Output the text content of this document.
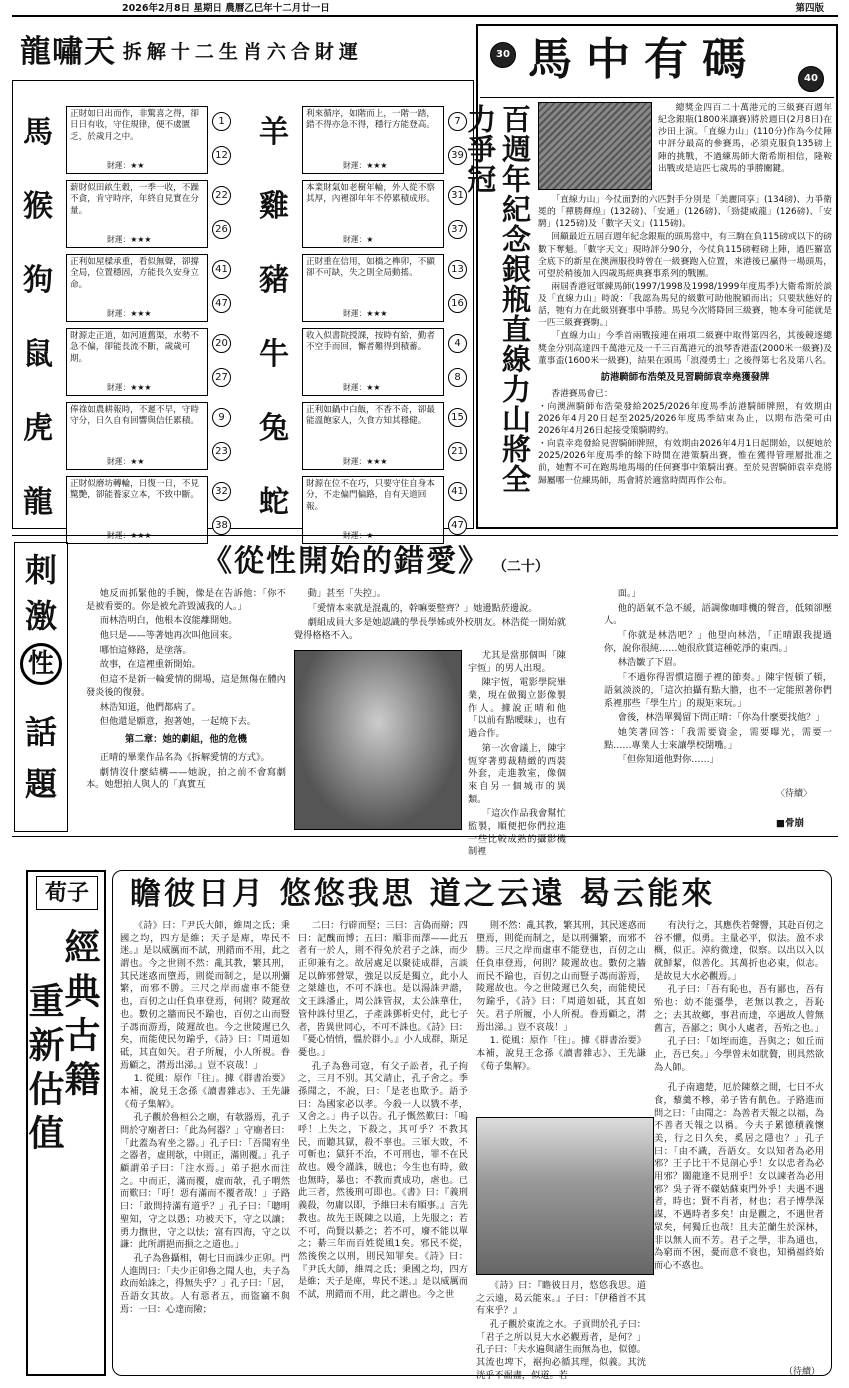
2026年2月8日 星期日 農曆乙巳年十二月廿一日	第四版
龍嘯天 拆解十二生肖六合財運
馬
正財如日出而作，非驚喜之得，卻日日有收，守住規律，便不虞匱乏，於歲月之中。
財運：★★
1
12
猴
薪財似田畝生穀，一季一收，不躁不貪，肯守時序，年終自見實在分量。
財運：★★★
22
26
狗
正利如屋樑承重，看似無聲，卻撐全局，位置穩固，方能長久安身立命。
財運：★★★
41
47
鼠
財源走正道，如河道舊渠，水勢不急不偏，卻能長流不斷，歲歲可期。
財運：★★★
20
27
虎
俸祿如農耕報時，不遲不早，守時守分，日久自有回響與信任累積。
財運：★★
9
23
龍
正財似磨坊轉輪，日復一日，不見驚艷，卻能養家立本，不致中斷。
財運：★★★
32
38
羊
利來循序，如階而上，一階一踏，錯不得亦急不得，穩行方能登高。
財運：★★★
7
39
雞
本業財氣如老樹年輪，外人從不察其厚，內裡卻年年不停累積成形。
財運：★
31
37
豬
正財重在信用，如橋之榫卯，不顯卻不可缺，失之則全局動搖。
財運：★★★
13
16
牛
收入似書院授課，按時有給，勤者不空手而回，懈者難得到積蓄。
財運：★★
4
8
兔
正利如鍋中白飯，不香不奇，卻最能溫飽家人，久食方知其穩健。
財運：★★★
15
21
蛇
財源在位不在巧，只要守住自身本分，不走偏門偏路，自有天道回報。
財運：★
41
47
30 馬中有碼	40
百週年紀念銀瓶直線力山將全力爭冠	總獎金四百二十萬港元的三級賽百週年紀念銀瓶(1800米讓賽)將於週日(2月8日)在沙田上演。「直線力山」(110分)作為今仗陣中評分最高的參賽馬，必須克服負135磅上陣的挑戰，不過練馬師大衛希斯相信，隆鞍出戰或是這匹七歲馬的爭勝關鍵。

「直線力山」今仗面對的六匹對手分別是「美麗同享」(134磅)、力爭衛冕的「禪勝輝煌」(132磅)、「安通」(126磅)、「勁捷威龍」(126磅)、「安騁」(125磅)及「數字天文」(115磅)。

回顧最近五屆百週年紀念銀瓶的頭馬當中，有三駒在負115磅或以下的磅數下奪魁。「數字天文」現時評分90分，今仗負115磅輕磅上陣，過匹羅富全底下的新星在澳洲服役時曾在一級賽跑入位置，來港後已贏得一場頭馬，可望於稍後加入四歲馬經典賽事系列的戰團。

兩屆香港冠軍練馬師(1997/1998及1998/1999年度馬季)大衛希斯於談及「直線力山」時說：「我認為馬兒的級數可助他脫穎而出；只要狀態好的話，牠有力在此級別賽事中爭勝。馬兒今次將降回三級賽，牠本身可能就是一匹三級賽賽駒。」

「直線力山」今季首兩戰接連在兩項二級賽中取得第四名，其後競逐總獎金分別高達四千萬港元及一千三百萬港元的浪琴香港盃(2000米一級賽)及董事盃(1600米一級賽)，結果在頭馬「浪漫勇士」之後得第七名及第八名。

訪港騎師布浩榮及見習騎師袁幸堯獲發牌

香港賽馬會已：

・向澳洲騎師布浩榮發給2025/2026年度馬季訪港騎師牌照，有效期由2026年4月20日起至2025/2026年度馬季結束為止，以期布浩榮可由2026年4月26日起接受策騎聘約。

・向袁幸堯發給見習騎師牌照，有效期由2026年4月1日起開始，以便她於2025/2026年度馬季的餘下時間在港策騎出賽，惟在獲得管理層批准之前，她暫不可在跑馬地馬場的任何賽事中策騎出賽。至於見習騎師袁幸堯將歸屬哪一位練馬師，馬會將於適當時間再作公布。

刺
激
性
話
題
《從性開始的錯愛》 （二十）

她反而抓緊他的手腕，像是在告訴他：「你不是被看要的。你是被允許毀滅我的人。」

而林浩明白，他根本沒能離開她。

他只是——等著她再次叫他回來。

哪怕這條路，是塗落。

故事，在這裡重新開始。

但這不是新一輪愛情的開場，這是無傷在體內發炎後的復發。

林浩知道，他們都病了。

但他還是願意，抱著她，一起燒下去。

第二章：她的劇組，他的危機

正晴的畢業作品名為《拆解愛情的方式》。

劇情沒什麼結構——她說，拍之前不會寫劇本。她想拍人與人的「真實互

動」甚至「失控」。

「愛情本來就是混亂的，幹嘛要整齊？」她邊點菸邊說。

劇組成員大多是她認識的學長學姊或外校朋友。林浩從一開始就覺得格格不入。

尤其是當那個叫「陳宇恆」的男人出現。

陳宇恆，電影學院畢業，現在做獨立影像製作人。據說正晴和他「以前有點曖昧」，也有過合作。

第一次會議上，陳宇恆穿著剪裁精緻的西裝外套，走進教室，像個來自另一個城市的異類。

「這次作品我會幫忙監製，順便把你們拉進一些比較成熟的攝影機制裡

面。」

他的語氣不急不緩，語調像咖啡機的聲音，低頻卻壓人。

「你就是林浩吧？」他望向林浩，「正晴跟我提過你，說你很純……她很欣賞這種乾淨的東西。」

林浩皺了下眉。

「不過你得習慣這圈子裡的節奏。」陳宇恆頓了頓，語氣淡淡的，「這次拍攝有點大膽，也不一定能照著你們系裡那些「學生片」的規矩來玩。」

會後，林浩單獨留下問正晴：「你為什麼要找他？」

她笑著回答：「我需要資金，需要曝光，需要一點……專業人士來讓學校閉嘴。」

「但你知道他對你……」

〈待續〉
■骨崩
荀子
經典古籍
重新估值
瞻彼日月 悠悠我思 道之云遠 曷云能來

《詩》曰：『尹氏大師，維周之氐；秉國之均，四方是維；天子是庳，卑民不迷。』是以威厲而不試，刑錯而不用，此之謂也。今之世則不然：亂其教，繁其刑，其民迷惑而墮焉，則從而制之，是以刑彌繁，而邪不勝。三尺之岸而虛車不能登也，百仞之山任負車登焉，何則？陵遲故也。數仞之牆而民不踰也，百仞之山而豎子馮而游焉，陵遲故也。今之世陵遲已久矣，而能使民勿踰乎，《詩》曰：『周道如砥，其直如矢。君子所履，小人所視。眷焉顧之，潸焉出涕。』豈不哀哉！」

1. 從風：原作「往」。據《群書治要》本補，說見王念孫《讀書雜志》、王先謙《荀子集解》。

孔子觀於魯桓公之廟，有欹器焉，孔子問於守廟者曰：「此為何器？」守廟者曰：「此蓋為宥坐之器。」孔子曰：「吾聞宥坐之器者，虛則欹，中則正，滿則覆。」孔子顧謂弟子曰：「注水焉。」弟子挹水而注之。中而正，滿而覆，虛而欹，孔子喟然而歎曰：「吁！惡有滿而不覆者哉！」子路曰：「敢問持滿有道乎？」孔子曰：「聰明聖知，守之以愚；功被天下，守之以讓；勇力撫世，守之以怯；富有四海，守之以謙：此所謂挹而損之之道也。」

孔子為魯攝相，朝七日而誅少正卯。門人進問曰：「夫少正卯魯之聞人也，夫子為政而始誅之，得無失乎？」孔子曰：「居，吾語女其故。人有惡者五，而盜竊不與焉：一曰：心達而險；

二曰：行辟而堅；三曰：言偽而辯；四曰：記醜而博；五曰：順非而澤——此五者有一於人，則不得免於君子之誅，而少正卯兼有之。故居處足以聚徒成群，言談足以飾邪營眾，強足以反是獨立，此小人之桀雄也，不可不誅也。是以湯誅尹諧，文王誅潘止，周公誅管叔，太公誅華仕，管仲誅付里乙，子產誅鄧析史付，此七子者，皆異世同心，不可不誅也。《詩》曰：『憂心悄悄，慍於群小。』小人成群，斯足憂也。」

孔子為魯司寇，有父子訟者，孔子拘之，三月不別。其父請止，孔子舍之。季孫聞之，不說，曰：「是老也欺予。語予曰：為國家必以孝。今殺一人以戮不孝，又舍之。」冉子以告。孔子慨然歎曰：「嗚呼！上失之，下殺之，其可乎？不教其民，而聽其獄，殺不辜也。三軍大敗，不可斬也；獄犴不治，不可刑也，罪不在民故也。嫚令謹誅，賊也；今生也有時，斂也無時，暴也；不教而責成功，虐也。已此三者，然後刑可即也。《書》曰：『義刑義殺，勿庸以即，予維曰未有順事。』言先教也。故先王既陳之以道，上先服之；若不可，尚賢以綦之；若不可，廢不能以單之；綦三年而百姓從風1矣。邪民不從，然後俟之以刑，則民知罪矣。《詩》曰：『尹氏大師，維周之氐；秉國之均，四方是維；天子是庳，卑民不迷。』是以威厲而不試，刑錯而不用，此之謂也。今之世

則不然：亂其教，繁其刑，其民迷惑而墮焉，則從而制之，是以刑彌繁，而邪不勝。三尺之岸而虛車不能登也，百仞之山任負車登焉，何則？陵遲故也。數仞之牆而民不踰也，百仞之山而豎子馮而游焉，陵遲故也。今之世陵遲已久矣，而能使民勿踰乎，《詩》曰：『周道如砥，其直如矢。君子所履，小人所視。眷焉顧之，潸焉出涕。』豈不哀哉！」

1. 從風：原作「往」。據《群書治要》本補，說見王念孫《讀書雜志》、王先謙《荀子集解》。

《詩》曰：『瞻彼日月，悠悠我思。道之云遠，曷云能來。』子曰：『伊稽首不其有來乎？』

孔子觀於東流之水。子貢問於孔子曰：「君子之所以見大水必觀焉者，是何？」孔子曰：「夫水遍與諸生而無為也，似德。其流也埤下，裾拘必循其理，似義。其洸洸乎不淈盡，似道。若

有決行之，其應佚若聲響，其赴百仞之谷不懼，似勇。主量必平，似法。盈不求概，似正。淖約微達，似察。以出以入以就鮮絜，似善化。其萬折也必東，似志。是故見大水必觀焉。」

孔子曰：「吾有恥也，吾有鄙也，吾有殆也：幼不能彊學，老無以教之，吾恥之；去其故鄉，事君而達，卒遇故人曾無舊言，吾鄙之；與小人處者，吾殆之也。」

孔子曰：「如垤而進，吾與之；如丘而止，吾已矣。」今學曾未如肬贅，則具然欲為人師。

孔子南適楚，厄於陳蔡之間，七日不火食，藜羹不糝，弟子皆有飢色。子路進而問之曰：「由聞之：為善者天報之以福，為不善者天報之以禍。今夫子累德積義懷美，行之日久矣，奚居之隱也？」孔子曰：「由不識，吾語女。女以知者為必用邪？王子比干不見剖心乎！女以忠者為必用邪？關龍逢不見刑乎！女以諫者為必用邪？吳子胥不磔姑蘇東門外乎！夫遇不遇者，時也；賢不肖者，材也；君子博學深謀，不遇時者多矣！由是觀之，不遇世者眾矣，何獨丘也哉！且夫芷蘭生於深林，非以無人而不芳。君子之學，非為通也，為窮而不困，憂而意不衰也，知禍福終始而心不惑也。

（待續）
